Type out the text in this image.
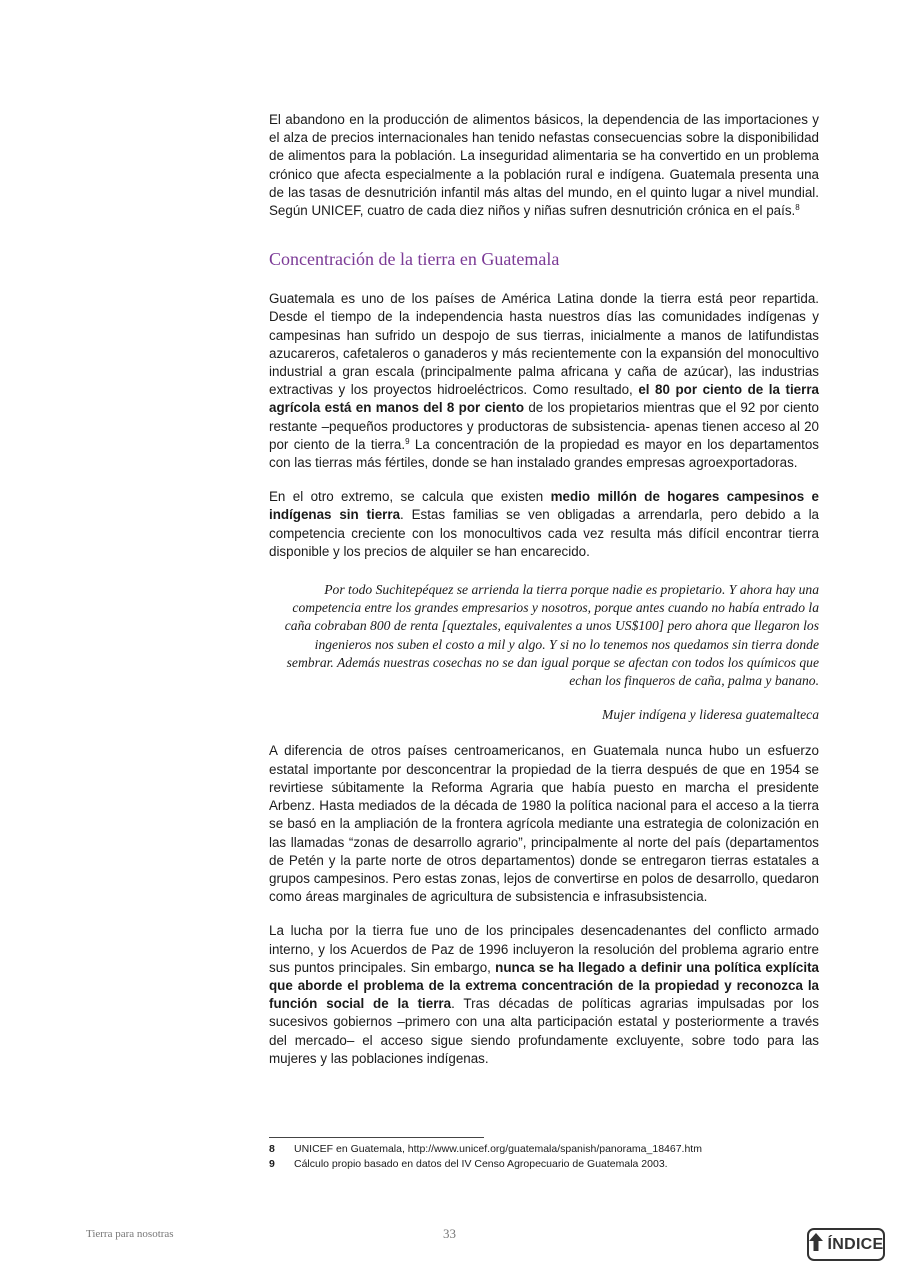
El abandono en la producción de alimentos básicos, la dependencia de las importaciones y el alza de precios internacionales han tenido nefastas consecuencias sobre la disponibilidad de alimentos para la población. La inseguridad alimentaria se ha convertido en un problema crónico que afecta especialmente a la población rural e indígena. Guatemala presenta una de las tasas de desnutrición infantil más altas del mundo, en el quinto lugar a nivel mundial. Según UNICEF, cuatro de cada diez niños y niñas sufren desnutrición crónica en el país.$^8$

Concentración de la tierra en Guatemala

Guatemala es uno de los países de América Latina donde la tierra está peor repartida. Desde el tiempo de la independencia hasta nuestros días las comunidades indígenas y campesinas han sufrido un despojo de sus tierras, inicialmente a manos de latifundistas azucareros, cafetaleros o ganaderos y más recientemente con la expansión del monocultivo industrial a gran escala (principalmente palma africana y caña de azúcar), las industrias extractivas y los proyectos hidroeléctricos. Como resultado, el 80 por ciento de la tierra agrícola está en manos del 8 por ciento de los propietarios mientras que el 92 por ciento restante –pequeños productores y productoras de subsistencia- apenas tienen acceso al 20 por ciento de la tierra.$^9$ La concentración de la propiedad es mayor en los departamentos con las tierras más fértiles, donde se han instalado grandes empresas agroexportadoras.

En el otro extremo, se calcula que existen medio millón de hogares campesinos e indígenas sin tierra. Estas familias se ven obligadas a arrendarla, pero debido a la competencia creciente con los monocultivos cada vez resulta más difícil encontrar tierra disponible y los precios de alquiler se han encarecido.

Por todo Suchitepéquez se arrienda la tierra porque nadie es propietario. Y ahora hay una competencia entre los grandes empresarios y nosotros, porque antes cuando no había entrado la caña cobraban 800 de renta [queztales, equivalentes a unos US$100] pero ahora que llegaron los ingenieros nos suben el costo a mil y algo. Y si no lo tenemos nos quedamos sin tierra donde sembrar. Además nuestras cosechas no se dan igual porque se afectan con todos los químicos que echan los finqueros de caña, palma y banano.
Mujer indígena y lideresa guatemalteca

A diferencia de otros países centroamericanos, en Guatemala nunca hubo un esfuerzo estatal importante por desconcentrar la propiedad de la tierra después de que en 1954 se revirtiese súbitamente la Reforma Agraria que había puesto en marcha el presidente Arbenz. Hasta mediados de la década de 1980 la política nacional para el acceso a la tierra se basó en la ampliación de la frontera agrícola mediante una estrategia de colonización en las llamadas “zonas de desarrollo agrario”, principalmente al norte del país (departamentos de Petén y la parte norte de otros departamentos) donde se entregaron tierras estatales a grupos campesinos. Pero estas zonas, lejos de convertirse en polos de desarrollo, quedaron como áreas marginales de agricultura de subsistencia e infrasubsistencia.

La lucha por la tierra fue uno de los principales desencadenantes del conflicto armado interno, y los Acuerdos de Paz de 1996 incluyeron la resolución del problema agrario entre sus puntos principales. Sin embargo, nunca se ha llegado a definir una política explícita que aborde el problema de la extrema concentración de la propiedad y reconozca la función social de la tierra. Tras décadas de políticas agrarias impulsadas por los sucesivos gobiernos –primero con una alta participación estatal y posteriormente a través del mercado– el acceso sigue siendo profundamente excluyente, sobre todo para las mujeres y las poblaciones indígenas.

8	UNICEF en Guatemala, http://www.unicef.org/guatemala/spanish/panorama_18467.htm
9	Cálculo propio basado en datos del IV Censo Agropecuario de Guatemala 2003.
Tierra para nosotras	33
ÍNDICE
